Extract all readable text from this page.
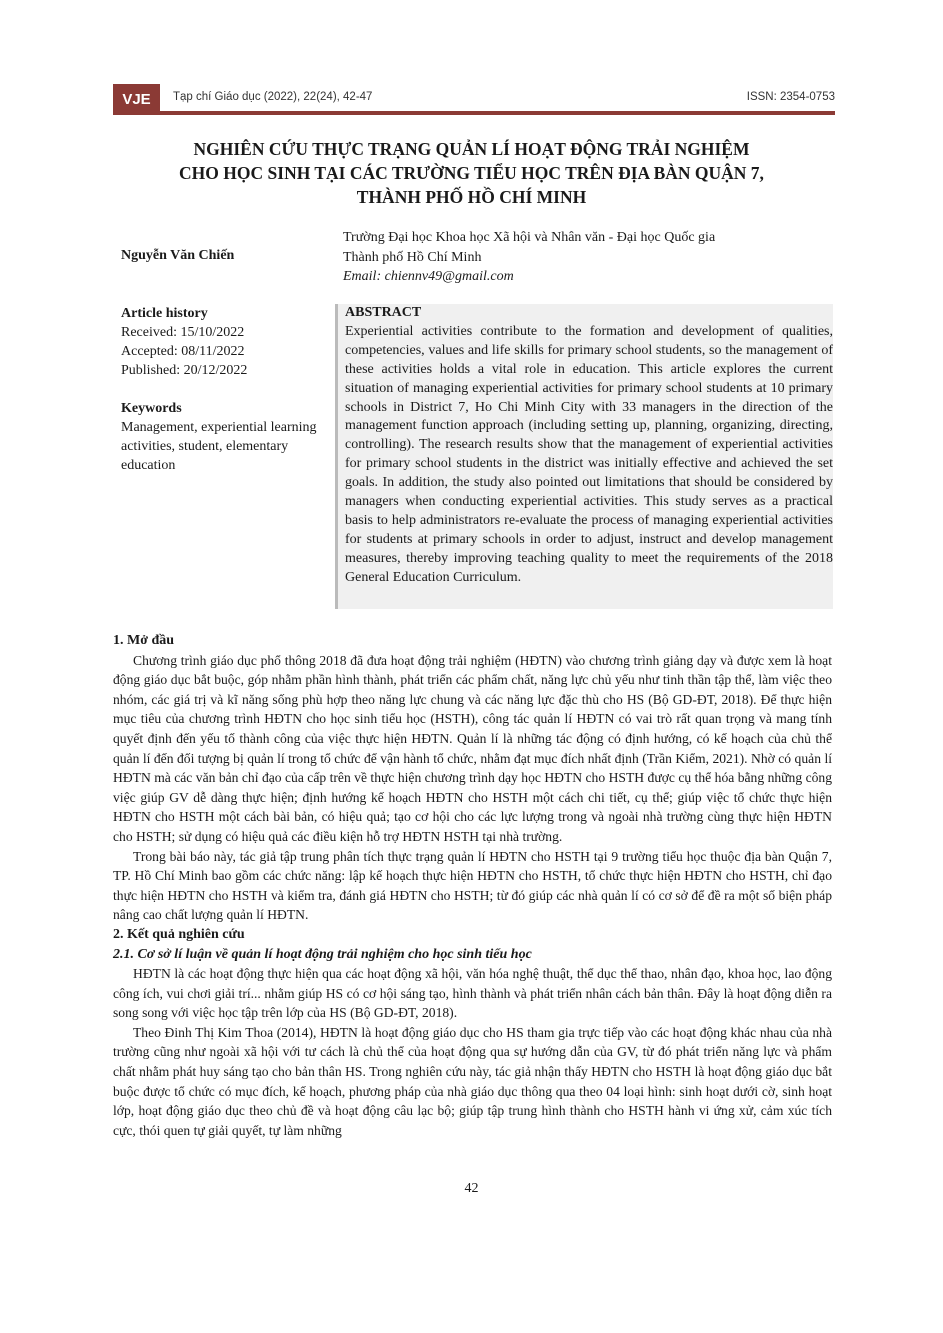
VJE	Tạp chí Giáo dục (2022), 22(24), 42-47	ISSN: 2354-0753
NGHIÊN CỨU THỰC TRẠNG QUẢN LÍ HOẠT ĐỘNG TRẢI NGHIỆM
CHO HỌC SINH TẠI CÁC TRƯỜNG TIỂU HỌC TRÊN ĐỊA BÀN QUẬN 7,
THÀNH PHỐ HỒ CHÍ MINH
Nguyễn Văn Chiến
Trường Đại học Khoa học Xã hội và Nhân văn - Đại học Quốc gia
Thành phố Hồ Chí Minh
Email: chiennv49@gmail.com
Article history
Received: 15/10/2022
Accepted: 08/11/2022
Published: 20/12/2022
Keywords
Management, experiential learning activities, student, elementary education
ABSTRACT
Experiential activities contribute to the formation and development of qualities, competencies, values and life skills for primary school students, so the management of these activities holds a vital role in education. This article explores the current situation of managing experiential activities for primary school students at 10 primary schools in District 7, Ho Chi Minh City with 33 managers in the direction of the management function approach (including setting up, planning, organizing, directing, controlling). The research results show that the management of experiential activities for primary school students in the district was initially effective and achieved the set goals. In addition, the study also pointed out limitations that should be considered by managers when conducting experiential activities. This study serves as a practical basis to help administrators re-evaluate the process of managing experiential activities for students at primary schools in order to adjust, instruct and develop management measures, thereby improving teaching quality to meet the requirements of the 2018 General Education Curriculum.
1. Mở đầu

Chương trình giáo dục phổ thông 2018 đã đưa hoạt động trải nghiệm (HĐTN) vào chương trình giảng dạy và được xem là hoạt động giáo dục bắt buộc, góp nhằm phần hình thành, phát triển các phẩm chất, năng lực chủ yếu như tinh thần tập thể, làm việc theo nhóm, các giá trị và kĩ năng sống phù hợp theo năng lực chung và các năng lực đặc thù cho HS (Bộ GD-ĐT, 2018). Để thực hiện mục tiêu của chương trình HĐTN cho học sinh tiểu học (HSTH), công tác quản lí HĐTN có vai trò rất quan trọng và mang tính quyết định đến yếu tố thành công của việc thực hiện HĐTN. Quản lí là những tác động có định hướng, có kế hoạch của chủ thể quản lí đến đối tượng bị quản lí trong tổ chức để vận hành tổ chức, nhằm đạt mục đích nhất định (Trần Kiểm, 2021). Nhờ có quản lí HĐTN mà các văn bản chỉ đạo của cấp trên về thực hiện chương trình dạy học HĐTN cho HSTH được cụ thể hóa bằng những công việc giúp GV dễ dàng thực hiện; định hướng kế hoạch HĐTN cho HSTH một cách chi tiết, cụ thể; giúp việc tổ chức thực hiện HĐTN cho HSTH một cách bài bản, có hiệu quả; tạo cơ hội cho các lực lượng trong và ngoài nhà trường cùng thực hiện HĐTN cho HSTH; sử dụng có hiệu quả các điều kiện hỗ trợ HĐTN HSTH tại nhà trường.

Trong bài báo này, tác giả tập trung phân tích thực trạng quản lí HĐTN cho HSTH tại 9 trường tiểu học thuộc địa bàn Quận 7, TP. Hồ Chí Minh bao gồm các chức năng: lập kế hoạch thực hiện HĐTN cho HSTH, tổ chức thực hiện HĐTN cho HSTH, chỉ đạo thực hiện HĐTN cho HSTH và kiểm tra, đánh giá HĐTN cho HSTH; từ đó giúp các nhà quản lí có cơ sở để đề ra một số biện pháp nâng cao chất lượng quản lí HĐTN.

2. Kết quả nghiên cứu
2.1. Cơ sở lí luận về quản lí hoạt động trải nghiệm cho học sinh tiểu học

HĐTN là các hoạt động thực hiện qua các hoạt động xã hội, văn hóa nghệ thuật, thể dục thể thao, nhân đạo, khoa học, lao động công ích, vui chơi giải trí... nhằm giúp HS có cơ hội sáng tạo, hình thành và phát triển nhân cách bản thân. Đây là hoạt động diễn ra song song với việc học tập trên lớp của HS (Bộ GD-ĐT, 2018).

Theo Đinh Thị Kim Thoa (2014), HĐTN là hoạt động giáo dục cho HS tham gia trực tiếp vào các hoạt động khác nhau của nhà trường cũng như ngoài xã hội với tư cách là chủ thể của hoạt động qua sự hướng dẫn của GV, từ đó phát triển năng lực và phẩm chất nhằm phát huy sáng tạo cho bản thân HS. Trong nghiên cứu này, tác giả nhận thấy HĐTN cho HSTH là hoạt động giáo dục bắt buộc được tổ chức có mục đích, kế hoạch, phương pháp của nhà giáo dục thông qua theo 04 loại hình: sinh hoạt dưới cờ, sinh hoạt lớp, hoạt động giáo dục theo chủ đề và hoạt động câu lạc bộ; giúp tập trung hình thành cho HSTH hành vi ứng xử, cảm xúc tích cực, thói quen tự giải quyết, tự làm những

42
